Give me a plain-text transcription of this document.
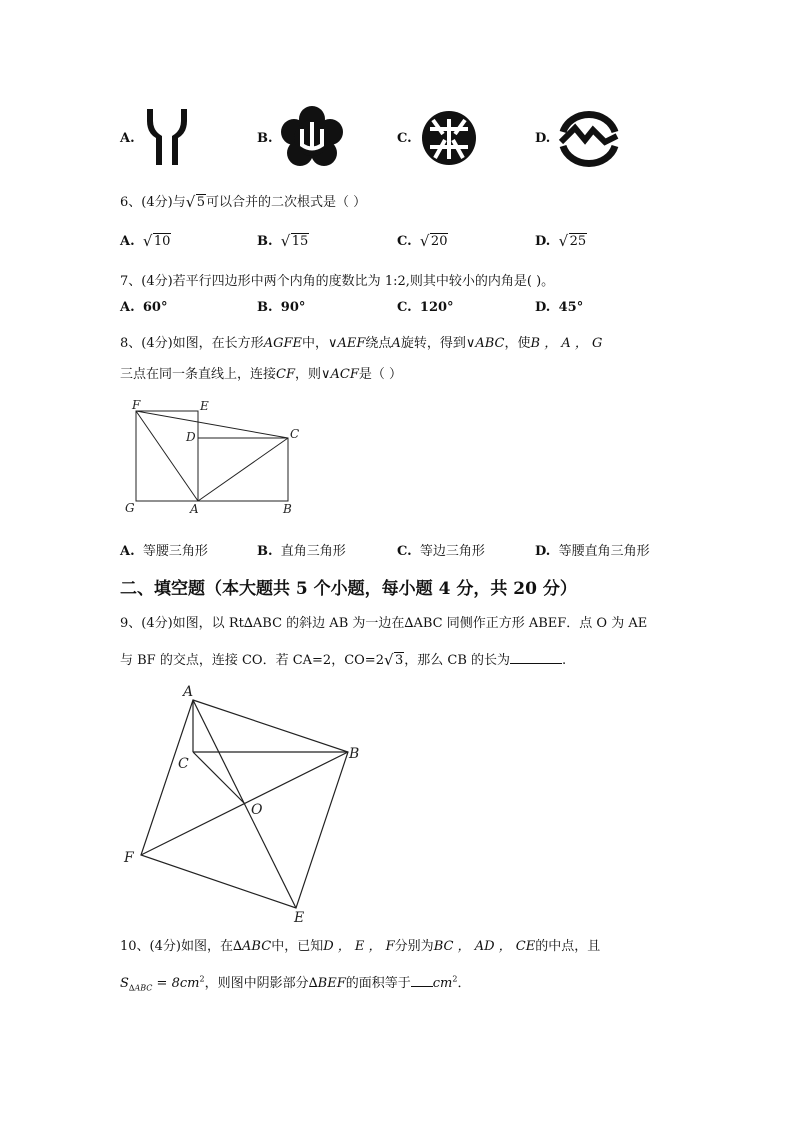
A.	B.	C.	D.
6、(4分)与 √ 5可以合并的二次根式是（ ）
A. √ 10	B. √ 15	C. √ 20	D. √ 25
7、(4分)若平行四边形中两个内角的度数比为 1:2,则其中较小的内角是( )。
A. 60°	B. 90°	C. 120°	D. 45°
8、(4分)如图，在长方形AGFE中，∨AEF绕点A旋转，得到∨ABC，使B ， A ， G
三点在同一条直线上，连接CF，则∨ACF是（ ）
F	E
D	C
G	A	B
A. 等腰三角形	B. 直角三角形	C. 等边三角形	D. 等腰直角三角形
二、填空题（本大题共 5 个小题，每小题 4 分，共 20 分）
9、(4分)如图，以 Rt∆ABC 的斜边 AB 为一边在∆ABC 同侧作正方形 ABEF．点 O 为 AE
与 BF 的交点，连接 CO．若 CA=2，CO=2 √ 3，那么 CB 的长为	.
A
B
C
O
F
E
10、(4分)如图，在∆ABC中，已知D ， E ， F分别为BC ， AD ， CE的中点，且
$S_{\Delta ABC} = 8cm^2$，则图中阴影部分∆BEF的面积等于 $cm^2$．
